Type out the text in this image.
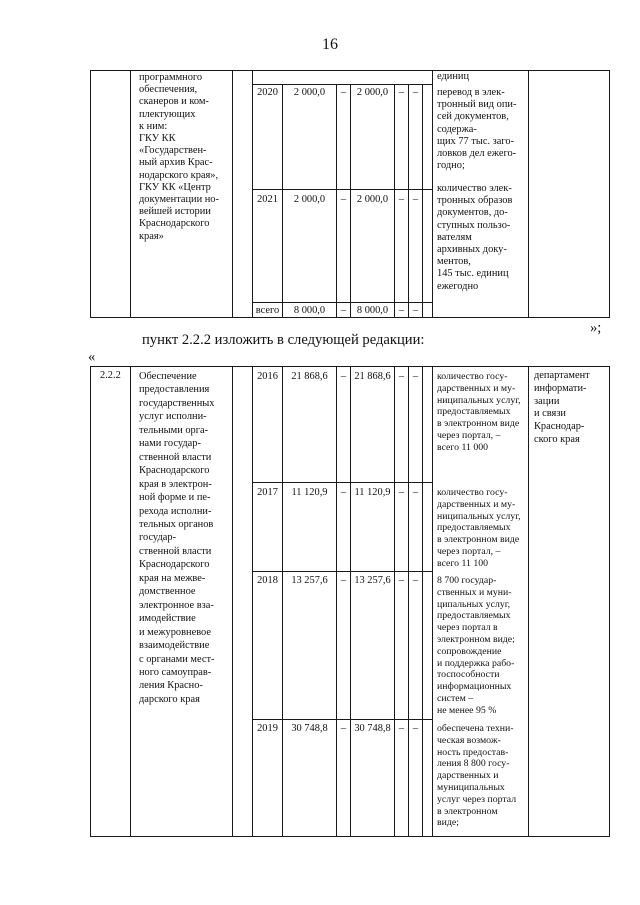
16
программного
обеспечения,
сканеров и ком-
плектующих
к ним:
ГКУ КК
«Государствен-
ный архив Крас-
нодарского края»,
ГКУ КК «Центр
документации но-
вейшей истории
Краснодарского
края»
единиц
2020	2 000,0	–	2 000,0	– –	перевод в элек-
тронный вид опи-
сей документов,
содержа-
щих 77 тыс. заго-
ловков дел ежего-
годно;
2021	2 000,0	–	2 000,0	– –
количество элек-
тронных образов
документов, до-
ступных пользо-
вателям
архивных доку-
ментов,
145 тыс. единиц
ежегодно
всего	8 000,0	–	8 000,0	– –
»;
пункт 2.2.2 изложить в следующей редакции:
«
2.2.2 Обеспечение
предоставления
государственных
услуг исполни-
тельными орга-
нами государ-
ственной власти
Краснодарского
края в электрон-
ной форме и пе-
рехода исполни-
тельных органов
государ-
ственной власти
Краснодарского
края на межве-
домственное
электронное вза-
имодействие
и межуровневое
взаимодействие
с органами мест-
ного самоуправ-
ления Красно-
дарского края
департамент
информати-
зации
и связи
Краснодар-
ского края
2016	21 868,6	– 21 868,6 – –	количество госу-
дарственных и му-
ниципальных услуг,
предоставляемых
в электронном виде
через портал, –
всего 11 000
2017	11 120,9	– 11 120,9 – –	количество госу-
дарственных и му-
ниципальных услуг,
предоставляемых
в электронном виде
через портал, –
всего 11 100
2018	13 257,6	– 13 257,6 – –	8 700 государ-
ственных и муни-
ципальных услуг,
предоставляемых
через портал в
электронном виде;
сопровождение
и поддержка рабо-
тоспособности
информационных
систем –
не менее 95 %
2019	30 748,8	– 30 748,8 – –	обеспечена техни-
ческая возмож-
ность предостав-
ления 8 800 госу-
дарственных и
муниципальных
услуг через портал
в электронном
виде;
